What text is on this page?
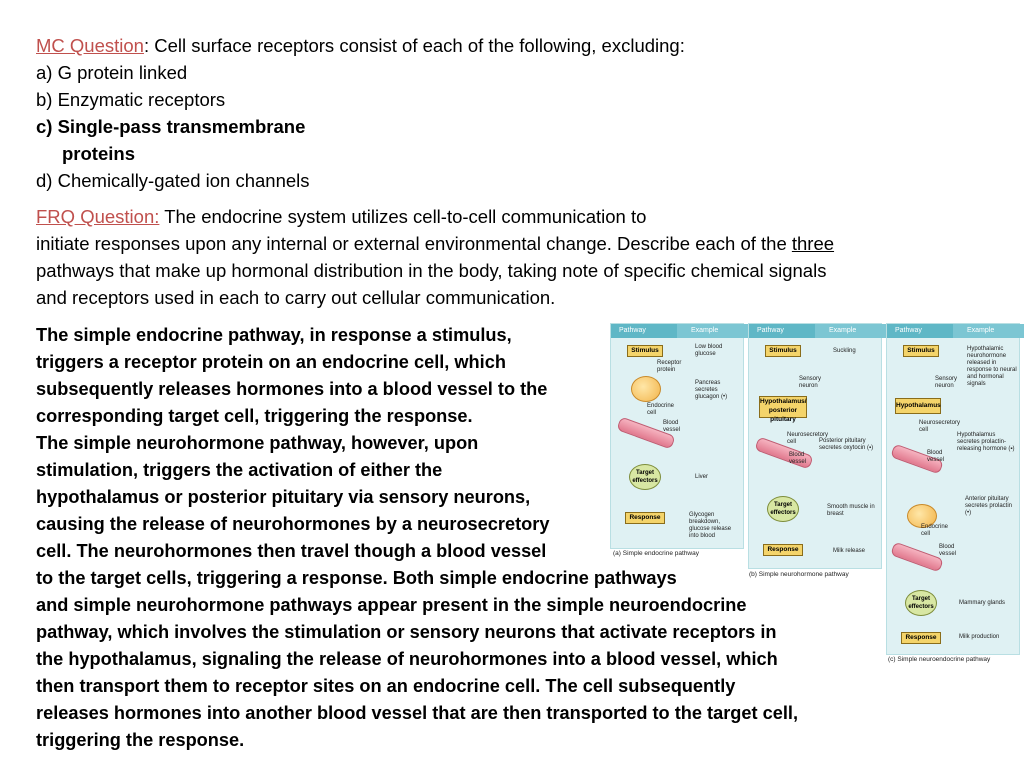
MC Question: Cell surface receptors consist of each of the following, excluding:
a) G protein linked
b) Enzymatic receptors
c) Single-pass transmembrane
proteins
d) Chemically-gated ion channels
FRQ Question: The endocrine system utilizes cell-to-cell communication to
initiate responses upon any internal or external environmental change. Describe each of the three
pathways that make up hormonal distribution in the body, taking note of specific chemical signals
and receptors used in each to carry out cellular communication.
The simple endocrine pathway, in response a stimulus,
triggers a receptor protein on an endocrine cell, which
subsequently releases hormones into a blood vessel to the
corresponding target cell, triggering the response.
The simple neurohormone pathway, however, upon
stimulation, triggers the activation of either the
hypothalamus or posterior pituitary via sensory neurons,
causing the release of neurohormones by a neurosecretory
cell. The neurohormones then travel though a blood vessel
to the target cells, triggering a response. Both simple endocrine pathways
and simple neurohormone pathways appear present in the simple neuroendocrine
pathway, which involves the stimulation or sensory neurons that activate receptors in
the hypothalamus, signaling the release of neurohormones into a blood vessel, which
then transport them to receptor sites on an endocrine cell. The cell subsequently
releases hormones into another blood vessel that are then transported to the target cell,
triggering the response.
Pathway	Example
Stimulus
Receptor protein
Endocrine cell
Blood vessel
Target effectors
Response
Low blood glucose
Pancreas secretes glucagon (•)
Liver
Glycogen breakdown, glucose release into blood
(a) Simple endocrine pathway
Pathway	Example
Stimulus
Sensory neuron
Hypothalamus/ posterior pituitary
Neurosecretory cell
Blood vessel
Target effectors
Response
Suckling
Posterior pituitary secretes oxytocin (▪)
Smooth muscle in breast
Milk release
(b) Simple neurohormone pathway
Pathway	Example
Stimulus
Sensory neuron
Hypothalamus
Neurosecretory cell
Blood vessel
Endocrine cell
Blood vessel
Target effectors
Response
Hypothalamic neurohormone released in response to neural and hormonal signals
Hypothalamus secretes prolactin-releasing hormone (▪)
Anterior pituitary secretes prolactin (•)
Mammary glands
Milk production
(c) Simple neuroendocrine pathway
